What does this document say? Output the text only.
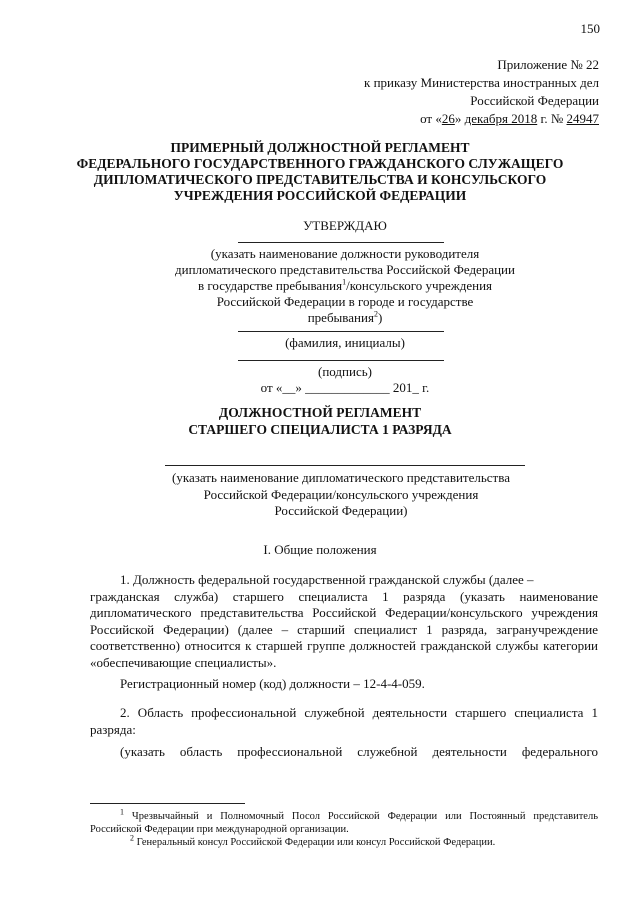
150
Приложение № 22
к приказу Министерства иностранных дел
Российской Федерации
от «26» декабря 2018 г. № 24947
ПРИМЕРНЫЙ ДОЛЖНОСТНОЙ РЕГЛАМЕНТ
ФЕДЕРАЛЬНОГО ГОСУДАРСТВЕННОГО ГРАЖДАНСКОГО СЛУЖАЩЕГО
ДИПЛОМАТИЧЕСКОГО ПРЕДСТАВИТЕЛЬСТВА И КОНСУЛЬСКОГО
УЧРЕЖДЕНИЯ РОССИЙСКОЙ ФЕДЕРАЦИИ
УТВЕРЖДАЮ
(указать наименование должности руководителя
дипломатического представительства Российской Федерации
в государстве пребывания$^1$/консульского учреждения
Российской Федерации в городе и государстве
пребывания$^2$)
(фамилия, инициалы)
(подпись)
от «__» _____________ 201_ г.
ДОЛЖНОСТНОЙ РЕГЛАМЕНТ
СТАРШЕГО СПЕЦИАЛИСТА 1 РАЗРЯДА
(указать наименование дипломатического представительства
Российской Федерации/консульского учреждения
Российской Федерации)
I. Общие положения
1. Должность федеральной государственной гражданской службы (далее –
гражданская служба) старшего специалиста 1 разряда (указать наименование дипломатического представительства Российской Федерации/консульского учреждения Российской Федерации) (далее – старший специалист 1 разряда, загранучреждение соответственно) относится к старшей группе должностей гражданской службы категории «обеспечивающие специалисты».
Регистрационный номер (код) должности – 12-4-4-059.
2. Область профессиональной служебной деятельности старшего специалиста 1 разряда:
(указать область профессиональной служебной деятельности федерального
$^1$ Чрезвычайный и Полномочный Посол Российской Федерации или Постоянный представитель Российской Федерации при международной организации.
$^2$ Генеральный консул Российской Федерации или консул Российской Федерации.
